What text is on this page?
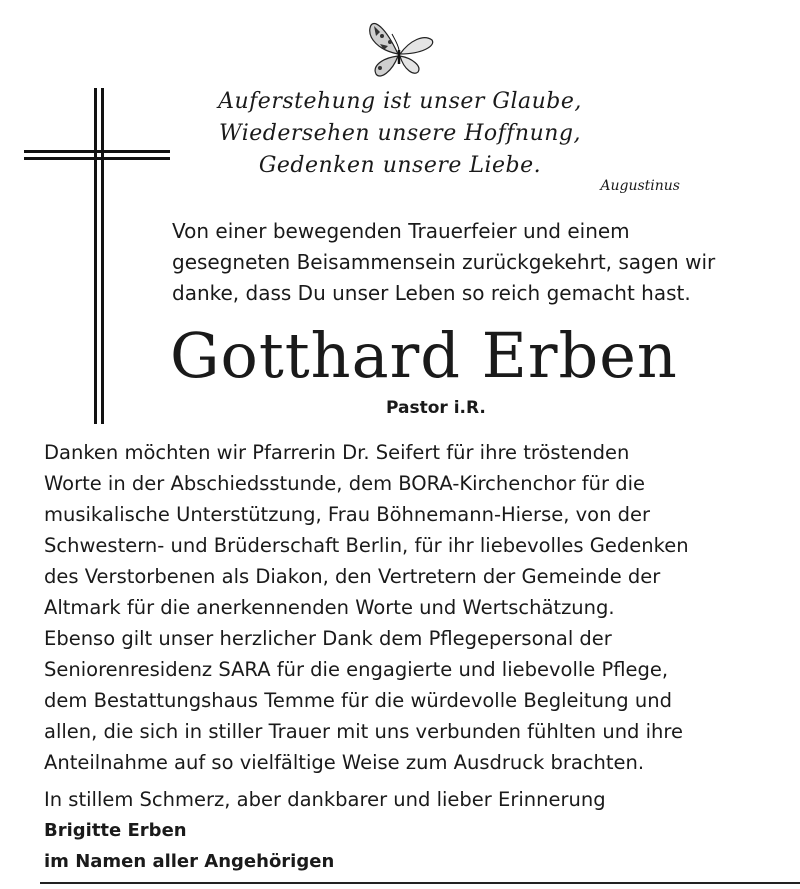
Auferstehung ist unser Glaube,
Wiedersehen unsere Hoffnung,
Gedenken unsere Liebe.
Augustinus
Von einer bewegenden Trauerfeier und einem
gesegneten Beisammensein zurückgekehrt, sagen wir
danke, dass Du unser Leben so reich gemacht hast.
Gotthard Erben
Pastor i.R.
Danken möchten wir Pfarrerin Dr. Seifert für ihre tröstenden
Worte in der Abschiedsstunde, dem BORA-Kirchenchor für die
musikalische Unterstützung, Frau Böhnemann-Hierse, von der
Schwestern- und Brüderschaft Berlin, für ihr liebevolles Gedenken
des Verstorbenen als Diakon, den Vertretern der Gemeinde der
Altmark für die anerkennenden Worte und Wertschätzung.
Ebenso gilt unser herzlicher Dank dem Pflegepersonal der
Seniorenresidenz SARA für die engagierte und liebevolle Pflege,
dem Bestattungshaus Temme für die würdevolle Begleitung und
allen, die sich in stiller Trauer mit uns verbunden fühlten und ihre
Anteilnahme auf so vielfältige Weise zum Ausdruck brachten.
In stillem Schmerz, aber dankbarer und lieber Erinnerung
Brigitte Erben
im Namen aller Angehörigen
